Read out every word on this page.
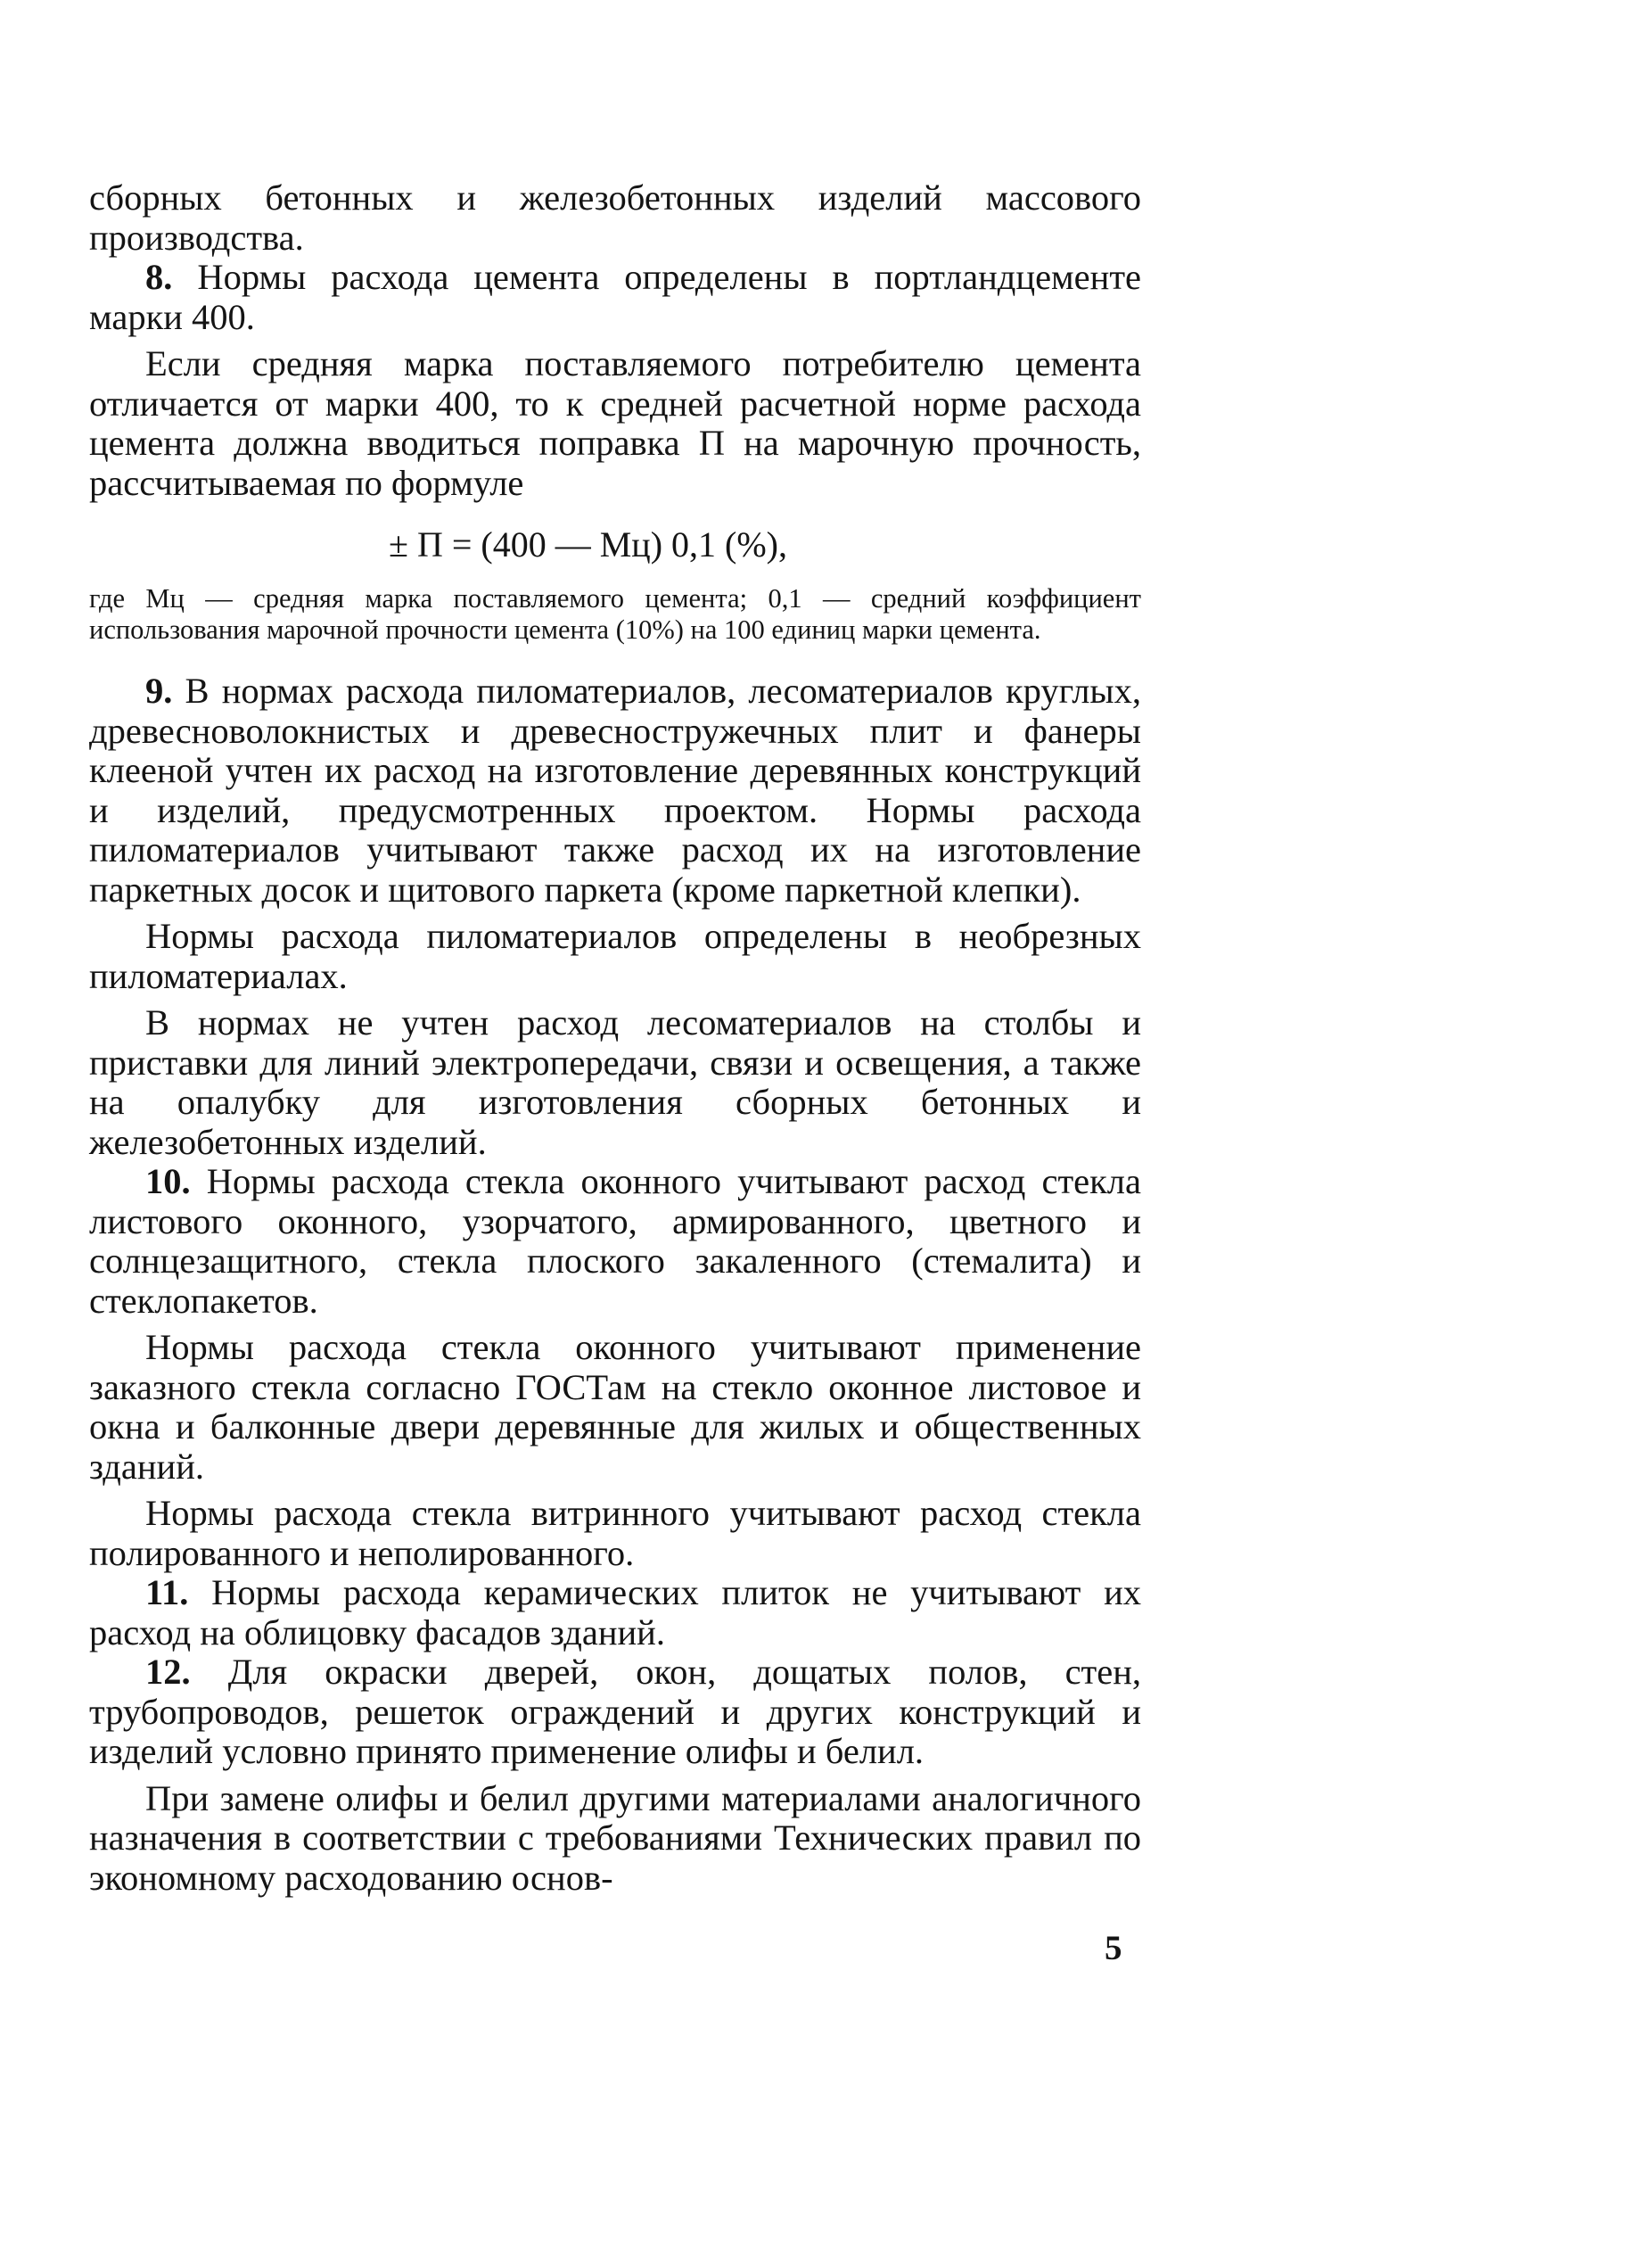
сборных бетонных и железобетонных изделий массового производства.

8. Нормы расхода цемента определены в портландцементе марки 400.

Если средняя марка поставляемого потребителю цемента отличается от марки 400, то к средней расчетной норме расхода цемента должна вводиться поправка П на марочную прочность, рассчитываемая по формуле

± П = (400 — Мц) 0,1 (%),

где Мц — средняя марка поставляемого цемента; 0,1 — средний коэффициент использования марочной прочности цемента (10%) на 100 единиц марки цемента.

9. В нормах расхода пиломатериалов, лесоматериалов круглых, древесноволокнистых и древесностружечных плит и фанеры клееной учтен их расход на изготовление деревянных конструкций и изделий, предусмотренных проектом. Нормы расхода пиломатериалов учитывают также расход их на изготовление паркетных досок и щитового паркета (кроме паркетной клепки).

Нормы расхода пиломатериалов определены в необрезных пиломатериалах.

В нормах не учтен расход лесоматериалов на столбы и приставки для линий электропередачи, связи и освещения, а также на опалубку для изготовления сборных бетонных и железобетонных изделий.

10. Нормы расхода стекла оконного учитывают расход стекла листового оконного, узорчатого, армированного, цветного и солнцезащитного, стекла плоского закаленного (стемалита) и стеклопакетов.

Нормы расхода стекла оконного учитывают применение заказного стекла согласно ГОСТам на стекло оконное листовое и окна и балконные двери деревянные для жилых и общественных зданий.

Нормы расхода стекла витринного учитывают расход стекла полированного и неполированного.

11. Нормы расхода керамических плиток не учитывают их расход на облицовку фасадов зданий.

12. Для окраски дверей, окон, дощатых полов, стен, трубопроводов, решеток ограждений и других конструкций и изделий условно принято применение олифы и белил.

При замене олифы и белил другими материалами аналогичного назначения в соответствии с требованиями Технических правил по экономному расходованию основ-

5
